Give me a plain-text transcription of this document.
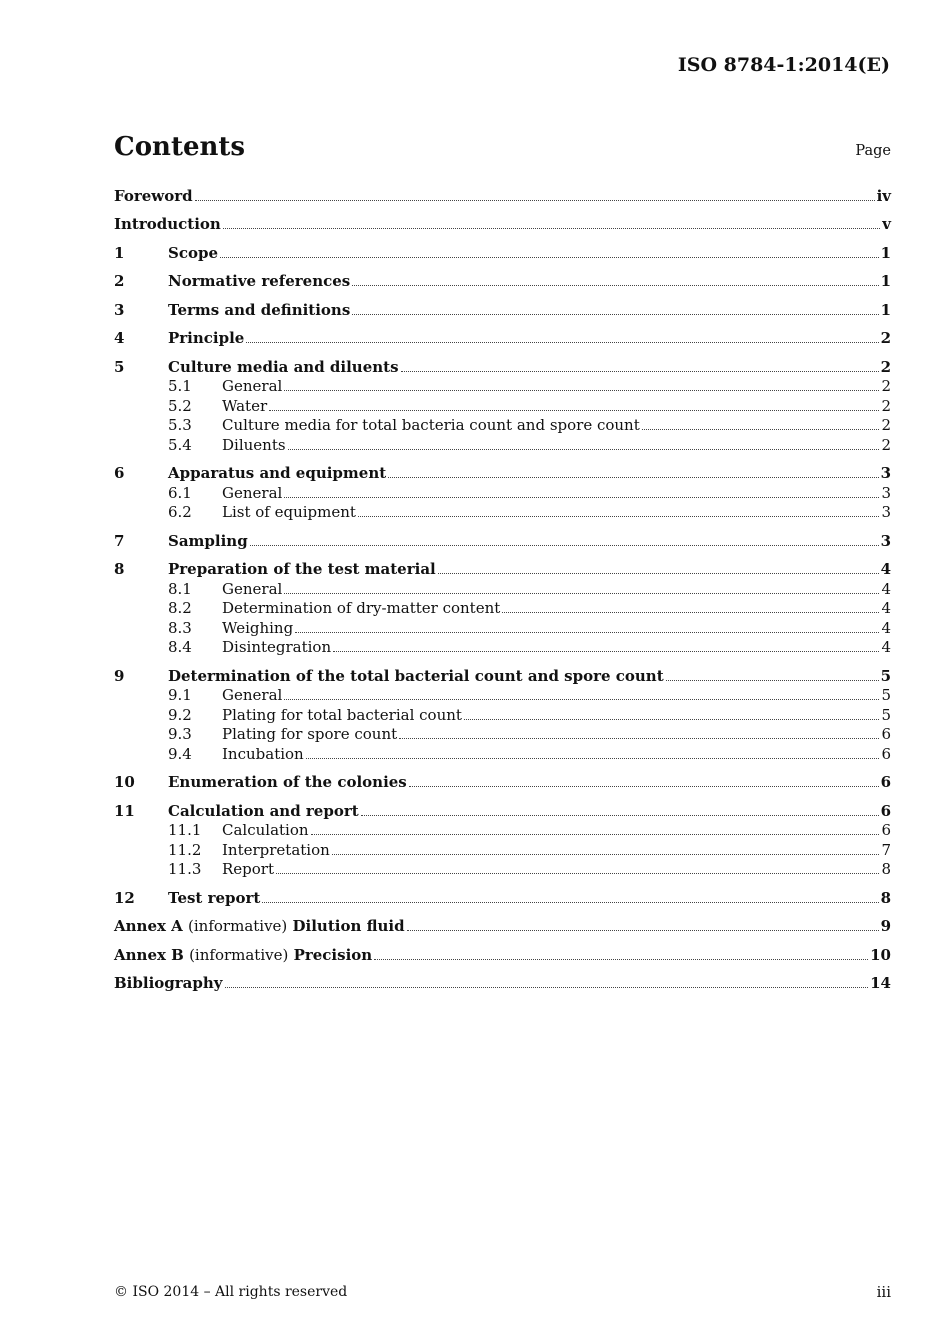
ISO 8784-1:2014(E)
Contents	Page
Foreword	iv
Introduction	v
1	Scope	1
2	Normative references	1
3	Terms and definitions	1
4	Principle	2
5	Culture media and diluents	2
5.1	General	2
5.2	Water	2
5.3	Culture media for total bacteria count and spore count	2
5.4	Diluents	2
6	Apparatus and equipment	3
6.1	General	3
6.2	List of equipment	3
7	Sampling	3
8	Preparation of the test material	4
8.1	General	4
8.2	Determination of dry-matter content	4
8.3	Weighing	4
8.4	Disintegration	4
9	Determination of the total bacterial count and spore count	5
9.1	General	5
9.2	Plating for total bacterial count	5
9.3	Plating for spore count	6
9.4	Incubation	6
10	Enumeration of the colonies	6
11	Calculation and report	6
11.1	Calculation	6
11.2	Interpretation	7
11.3	Report	8
12	Test report	8
Annex A (informative) Dilution fluid	9
Annex B (informative) Precision	10
Bibliography	14
© ISO 2014 – All rights reserved	iii
